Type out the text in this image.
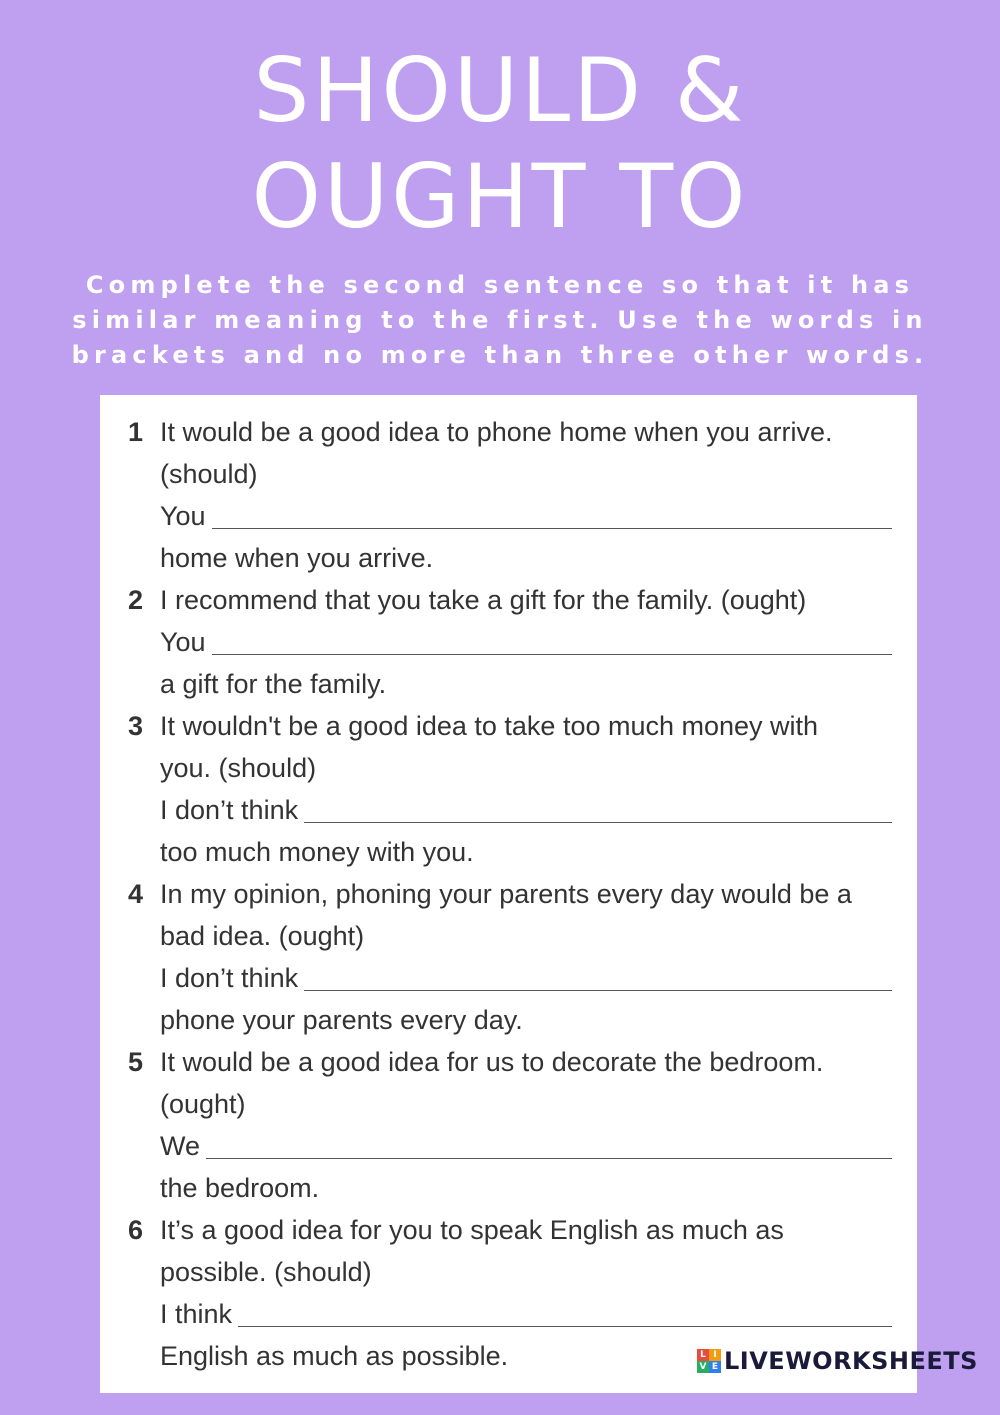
SHOULD &
OUGHT TO
Complete the second sentence so that it has
similar meaning to the first. Use the words in
brackets and no more than three other words.
1 It would be a good idea to phone home when you arrive.
(should)
You
home when you arrive.
2 I recommend that you take a gift for the family. (ought)
You
a gift for the family.
3 It wouldn't be a good idea to take too much money with
you. (should)
I don’t think
too much money with you.
4 In my opinion, phoning your parents every day would be a
bad idea. (ought)
I don’t think
phone your parents every day.
5 It would be a good idea for us to decorate the bedroom.
(ought)
We
the bedroom.
6 It’s a good idea for you to speak English as much as
possible. (should)
I think
English as much as possible.	L I
V E LIVEWORKSHEETS
